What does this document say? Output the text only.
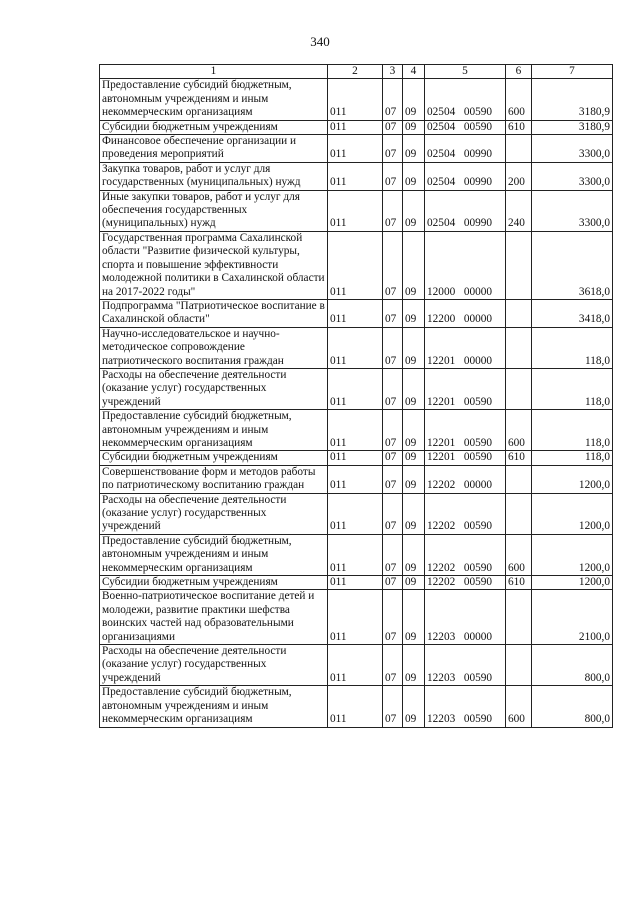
340
1	2	3	4	5	6	7
Предоставление субсидий бюджетным, автономным учреждениям и иным некоммерческим организациям	011	07	09	02504 00590	600	3180,9
Субсидии бюджетным учреждениям	011	07	09	02504 00590	610	3180,9
Финансовое обеспечение организации и проведения мероприятий	011	07	09	02504 00990		3300,0
Закупка товаров, работ и услуг для государственных (муниципальных) нужд	011	07	09	02504 00990	200	3300,0
Иные закупки товаров, работ и услуг для обеспечения государственных (муниципальных) нужд	011	07	09	02504 00990	240	3300,0
Государственная программа Сахалинской области "Развитие физической культуры, спорта и повышение эффективности молодежной политики в Сахалинской области на 2017-2022 годы"	011	07	09	12000 00000		3618,0
Подпрограмма "Патриотическое воспитание в Сахалинской области"	011	07	09	12200 00000		3418,0
Научно-исследовательское и научно-методическое сопровождение патриотического воспитания граждан	011	07	09	12201 00000		118,0
Расходы на обеспечение деятельности (оказание услуг) государственных учреждений	011	07	09	12201 00590		118,0
Предоставление субсидий бюджетным, автономным учреждениям и иным некоммерческим организациям	011	07	09	12201 00590	600	118,0
Субсидии бюджетным учреждениям	011	07	09	12201 00590	610	118,0
Совершенствование форм и методов работы по патриотическому воспитанию граждан	011	07	09	12202 00000		1200,0
Расходы на обеспечение деятельности (оказание услуг) государственных учреждений	011	07	09	12202 00590		1200,0
Предоставление субсидий бюджетным, автономным учреждениям и иным некоммерческим организациям	011	07	09	12202 00590	600	1200,0
Субсидии бюджетным учреждениям	011	07	09	12202 00590	610	1200,0
Военно-патриотическое воспитание детей и молодежи, развитие практики шефства воинских частей над образовательными организациями	011	07	09	12203 00000		2100,0
Расходы на обеспечение деятельности (оказание услуг) государственных учреждений	011	07	09	12203 00590		800,0
Предоставление субсидий бюджетным, автономным учреждениям и иным некоммерческим организациям	011	07	09	12203 00590	600	800,0
